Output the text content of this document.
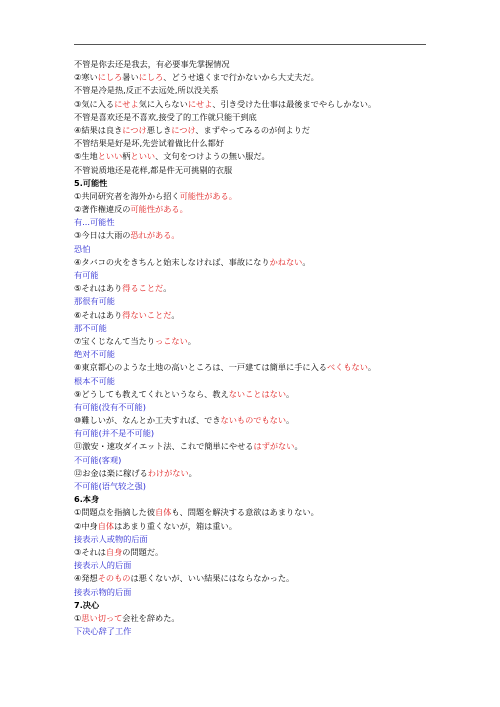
不管是你去还是我去，有必要事先掌握情况
②寒いにしろ暑いにしろ、どうせ遠くまで行かないから大丈夫だ。
不管是冷是热,反正不去远处,所以没关系
③気に入るにせよ気に入らないにせよ、引き受けた仕事は最後までやらしかない。
不管是喜欢还是不喜欢,接受了的工作就只能干到底
④結果は良きにつけ悪しきにつけ、まずやってみるのが何よりだ
不管结果是好是坏,先尝试着做比什么都好
⑤生地といい柄といい、文句をつけようの無い服だ。
不管说质地还是花样,都是件无可挑剔的衣服
5.可能性
①共同研究者を海外から招く可能性がある。
②著作権違反の可能性がある。
有...可能性
③今日は大雨の恐れがある。
恐怕
④タバコの火をきちんと始末しなければ、事故になりかねない。
有可能
⑤それはあり得ることだ。
那很有可能
⑥それはあり得ないことだ。
那不可能
⑦宝くじなんて当たりっこない。
绝对不可能
⑧東京都心のような土地の高いところは、一戸建ては簡単に手に入るべくもない。
根本不可能
⑨どうしても教えてくれというなら、教えないことはない。
有可能(没有不可能)
⑩難しいが、なんとか工夫すれば、できないものでもない。
有可能(并不是不可能)
⑪激安・速攻ダイエット法、これで簡単にやせるはずがない。
不可能(客观)
⑫お金は楽に稼げるわけがない。
不可能(语气较之强)
6.本身
①問題点を指摘した彼自体も、問題を解決する意欲はあまりない。
②中身自体はあまり重くないが，箱は重い。
接表示人或物的后面
③それは自身の問題だ。
接表示人的后面
④発想そのものは悪くないが、いい結果にはならなかった。
接表示物的后面
7.决心
①思い切って会社を辞めた。
下决心辞了工作
